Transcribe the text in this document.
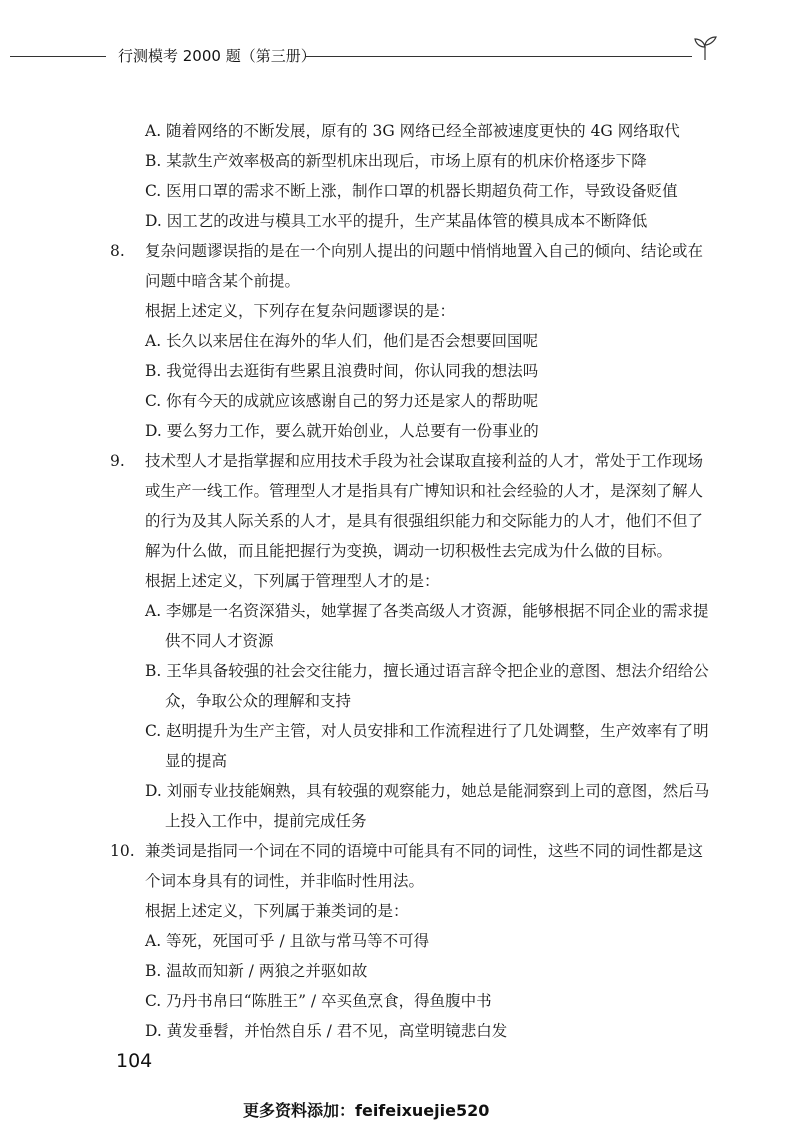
行测模考 2000 题（第三册）
A. 随着网络的不断发展，原有的 3G 网络已经全部被速度更快的 4G 网络取代
B. 某款生产效率极高的新型机床出现后，市场上原有的机床价格逐步下降
C. 医用口罩的需求不断上涨，制作口罩的机器长期超负荷工作，导致设备贬值
D. 因工艺的改进与模具工水平的提升，生产某晶体管的模具成本不断降低
8. 复杂问题谬误指的是在一个向别人提出的问题中悄悄地置入自己的倾向、结论或在问题中暗含某个前提。
根据上述定义，下列存在复杂问题谬误的是：
A. 长久以来居住在海外的华人们，他们是否会想要回国呢
B. 我觉得出去逛街有些累且浪费时间，你认同我的想法吗
C. 你有今天的成就应该感谢自己的努力还是家人的帮助呢
D. 要么努力工作，要么就开始创业，人总要有一份事业的
9. 技术型人才是指掌握和应用技术手段为社会谋取直接利益的人才，常处于工作现场或生产一线工作。管理型人才是指具有广博知识和社会经验的人才，是深刻了解人的行为及其人际关系的人才，是具有很强组织能力和交际能力的人才，他们不但了解为什么做，而且能把握行为变换，调动一切积极性去完成为什么做的目标。
根据上述定义，下列属于管理型人才的是：
A. 李娜是一名资深猎头，她掌握了各类高级人才资源，能够根据不同企业的需求提供不同人才资源
B. 王华具备较强的社会交往能力，擅长通过语言辞令把企业的意图、想法介绍给公众，争取公众的理解和支持
C. 赵明提升为生产主管，对人员安排和工作流程进行了几处调整，生产效率有了明显的提高
D. 刘丽专业技能娴熟，具有较强的观察能力，她总是能洞察到上司的意图，然后马上投入工作中，提前完成任务
10. 兼类词是指同一个词在不同的语境中可能具有不同的词性，这些不同的词性都是这个词本身具有的词性，并非临时性用法。
根据上述定义，下列属于兼类词的是：
A. 等死，死国可乎 / 且欲与常马等不可得
B. 温故而知新 / 两狼之并驱如故
C. 乃丹书帛曰“陈胜王” / 卒买鱼烹食，得鱼腹中书
D. 黄发垂髫，并怡然自乐 / 君不见，高堂明镜悲白发
104
更多资料添加：feifeixuejie520
